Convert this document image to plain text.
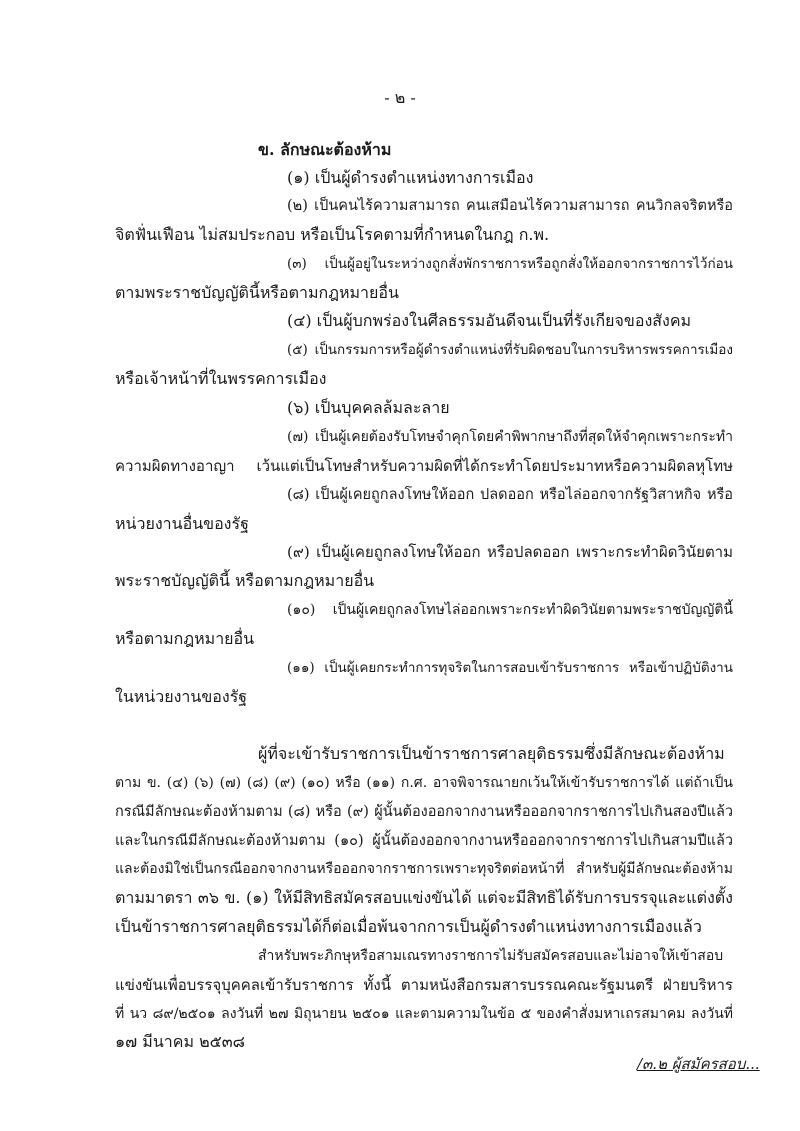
- ๒ -
ข. ลักษณะต้องห้าม
(๑) เป็นผู้ดำรงตำแหน่งทางการเมือง
(๒) เป็นคนไร้ความสามารถ คนเสมือนไร้ความสามารถ คนวิกลจริตหรือ
จิตฟั่นเฟือน ไม่สมประกอบ หรือเป็นโรคตามที่กำหนดในกฎ ก.พ.
(๓) เป็นผู้อยู่ในระหว่างถูกสั่งพักราชการหรือถูกสั่งให้ออกจากราชการไว้ก่อน
ตามพระราชบัญญัตินี้หรือตามกฎหมายอื่น
(๔) เป็นผู้บกพร่องในศีลธรรมอันดีจนเป็นที่รังเกียจของสังคม
(๕) เป็นกรรมการหรือผู้ดำรงตำแหน่งที่รับผิดชอบในการบริหารพรรคการเมือง
หรือเจ้าหน้าที่ในพรรคการเมือง
(๖) เป็นบุคคลล้มละลาย
(๗) เป็นผู้เคยต้องรับโทษจำคุกโดยคำพิพากษาถึงที่สุดให้จำคุกเพราะกระทำ
ความผิดทางอาญา เว้นแต่เป็นโทษสำหรับความผิดที่ได้กระทำโดยประมาทหรือความผิดลหุโทษ
(๘) เป็นผู้เคยถูกลงโทษให้ออก ปลดออก หรือไล่ออกจากรัฐวิสาหกิจ หรือ
หน่วยงานอื่นของรัฐ
(๙) เป็นผู้เคยถูกลงโทษให้ออก หรือปลดออก เพราะกระทำผิดวินัยตาม
พระราชบัญญัตินี้ หรือตามกฎหมายอื่น
(๑๐) เป็นผู้เคยถูกลงโทษไล่ออกเพราะกระทำผิดวินัยตามพระราชบัญญัตินี้
หรือตามกฎหมายอื่น
(๑๑) เป็นผู้เคยกระทำการทุจริตในการสอบเข้ารับราชการ หรือเข้าปฏิบัติงาน
ในหน่วยงานของรัฐ
ผู้ที่จะเข้ารับราชการเป็นข้าราชการศาลยุติธรรมซึ่งมีลักษณะต้องห้าม
ตาม ข. (๔) (๖) (๗) (๘) (๙) (๑๐) หรือ (๑๑) ก.ศ. อาจพิจารณายกเว้นให้เข้ารับราชการได้ แต่ถ้าเป็น
กรณีมีลักษณะต้องห้ามตาม (๘) หรือ (๙) ผู้นั้นต้องออกจากงานหรือออกจากราชการไปเกินสองปีแล้ว
และในกรณีมีลักษณะต้องห้ามตาม (๑๐) ผู้นั้นต้องออกจากงานหรือออกจากราชการไปเกินสามปีแล้ว
และต้องมิใช่เป็นกรณีออกจากงานหรือออกจากราชการเพราะทุจริตต่อหน้าที่ สำหรับผู้มีลักษณะต้องห้าม
ตามมาตรา ๓๖ ข. (๑) ให้มีสิทธิสมัครสอบแข่งขันได้ แต่จะมีสิทธิได้รับการบรรจุและแต่งตั้ง
เป็นข้าราชการศาลยุติธรรมได้ก็ต่อเมื่อพ้นจากการเป็นผู้ดำรงตำแหน่งทางการเมืองแล้ว
สำหรับพระภิกษุหรือสามเณรทางราชการไม่รับสมัครสอบและไม่อาจให้เข้าสอบ
แข่งขันเพื่อบรรจุบุคคลเข้ารับราชการ ทั้งนี้ ตามหนังสือกรมสารบรรณคณะรัฐมนตรี ฝ่ายบริหาร
ที่ นว ๘๙/๒๕๐๑ ลงวันที่ ๒๗ มิถุนายน ๒๕๐๑ และตามความในข้อ ๕ ของคำสั่งมหาเถรสมาคม ลงวันที่
๑๗ มีนาคม ๒๕๓๘
/๓.๒ ผู้สมัครสอบ...
